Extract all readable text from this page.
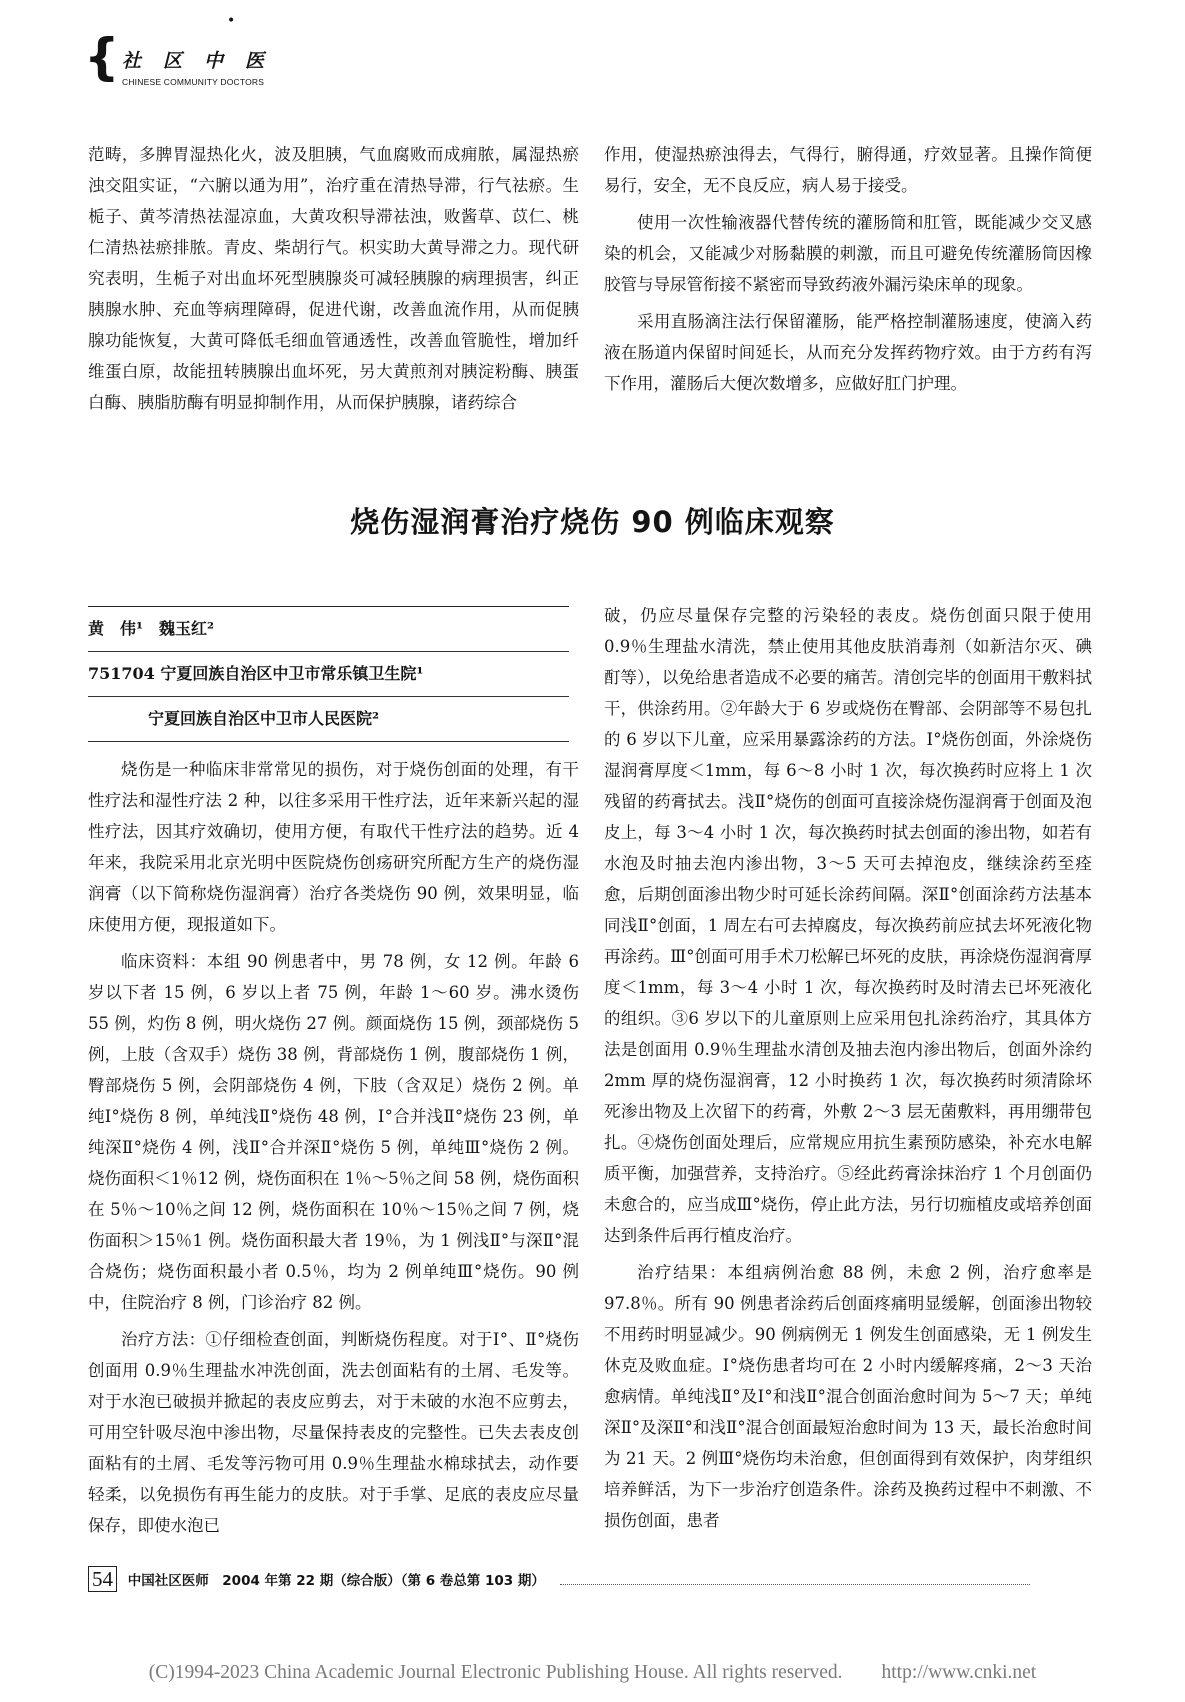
•
{ 社区中医
CHINESE COMMUNITY DOCTORS

范畴，多脾胃湿热化火，波及胆胰，气血腐败而成痈脓，属湿热瘀浊交阻实证，“六腑以通为用”，治疗重在清热导滞，行气祛瘀。生栀子、黄芩清热祛湿凉血，大黄攻积导滞祛浊，败酱草、苡仁、桃仁清热祛瘀排脓。青皮、柴胡行气。枳实助大黄导滞之力。现代研究表明，生栀子对出血坏死型胰腺炎可减轻胰腺的病理损害，纠正胰腺水肿、充血等病理障碍，促进代谢，改善血流作用，从而促胰腺功能恢复，大黄可降低毛细血管通透性，改善血管脆性，增加纤维蛋白原，故能扭转胰腺出血坏死，另大黄煎剂对胰淀粉酶、胰蛋白酶、胰脂肪酶有明显抑制作用，从而保护胰腺，诸药综合

作用，使湿热瘀浊得去，气得行，腑得通，疗效显著。且操作简便易行，安全，无不良反应，病人易于接受。

使用一次性输液器代替传统的灌肠筒和肛管，既能减少交叉感染的机会，又能减少对肠黏膜的刺激，而且可避免传统灌肠筒因橡胶管与导尿管衔接不紧密而导致药液外漏污染床单的现象。

采用直肠滴注法行保留灌肠，能严格控制灌肠速度，使滴入药液在肠道内保留时间延长，从而充分发挥药物疗效。由于方药有泻下作用，灌肠后大便次数增多，应做好肛门护理。

烧伤湿润膏治疗烧伤 90 例临床观察
黄　伟¹　魏玉红²
751704 宁夏回族自治区中卫市常乐镇卫生院¹
宁夏回族自治区中卫市人民医院²

烧伤是一种临床非常常见的损伤，对于烧伤创面的处理，有干性疗法和湿性疗法 2 种，以往多采用干性疗法，近年来新兴起的湿性疗法，因其疗效确切，使用方便，有取代干性疗法的趋势。近 4 年来，我院采用北京光明中医院烧伤创疡研究所配方生产的烧伤湿润膏（以下简称烧伤湿润膏）治疗各类烧伤 90 例，效果明显，临床使用方便，现报道如下。

临床资料：本组 90 例患者中，男 78 例，女 12 例。年龄 6 岁以下者 15 例，6 岁以上者 75 例，年龄 1～60 岁。沸水烫伤 55 例，灼伤 8 例，明火烧伤 27 例。颜面烧伤 15 例，颈部烧伤 5 例，上肢（含双手）烧伤 38 例，背部烧伤 1 例，腹部烧伤 1 例，臀部烧伤 5 例，会阴部烧伤 4 例，下肢（含双足）烧伤 2 例。单纯Ⅰ°烧伤 8 例，单纯浅Ⅱ°烧伤 48 例，Ⅰ°合并浅Ⅱ°烧伤 23 例，单纯深Ⅱ°烧伤 4 例，浅Ⅱ°合并深Ⅱ°烧伤 5 例，单纯Ⅲ°烧伤 2 例。烧伤面积＜1％12 例，烧伤面积在 1％～5％之间 58 例，烧伤面积在 5％～10％之间 12 例，烧伤面积在 10％～15％之间 7 例，烧伤面积＞15％1 例。烧伤面积最大者 19％，为 1 例浅Ⅱ°与深Ⅱ°混合烧伤；烧伤面积最小者 0.5％，均为 2 例单纯Ⅲ°烧伤。90 例中，住院治疗 8 例，门诊治疗 82 例。

治疗方法：①仔细检查创面，判断烧伤程度。对于Ⅰ°、Ⅱ°烧伤创面用 0.9％生理盐水冲洗创面，洗去创面粘有的土屑、毛发等。对于水泡已破损并掀起的表皮应剪去，对于未破的水泡不应剪去，可用空针吸尽泡中渗出物，尽量保持表皮的完整性。已失去表皮创面粘有的土屑、毛发等污物可用 0.9％生理盐水棉球拭去，动作要轻柔，以免损伤有再生能力的皮肤。对于手掌、足底的表皮应尽量保存，即使水泡已

破，仍应尽量保存完整的污染轻的表皮。烧伤创面只限于使用 0.9％生理盐水清洗，禁止使用其他皮肤消毒剂（如新洁尔灭、碘酊等），以免给患者造成不必要的痛苦。清创完毕的创面用干敷料拭干，供涂药用。②年龄大于 6 岁或烧伤在臀部、会阴部等不易包扎的 6 岁以下儿童，应采用暴露涂药的方法。Ⅰ°烧伤创面，外涂烧伤湿润膏厚度＜1mm，每 6～8 小时 1 次，每次换药时应将上 1 次残留的药膏拭去。浅Ⅱ°烧伤的创面可直接涂烧伤湿润膏于创面及泡皮上，每 3～4 小时 1 次，每次换药时拭去创面的渗出物，如若有水泡及时抽去泡内渗出物，3～5 天可去掉泡皮，继续涂药至痊愈，后期创面渗出物少时可延长涂药间隔。深Ⅱ°创面涂药方法基本同浅Ⅱ°创面，1 周左右可去掉腐皮，每次换药前应拭去坏死液化物再涂药。Ⅲ°创面可用手术刀松解已坏死的皮肤，再涂烧伤湿润膏厚度＜1mm，每 3～4 小时 1 次，每次换药时及时清去已坏死液化的组织。③6 岁以下的儿童原则上应采用包扎涂药治疗，其具体方法是创面用 0.9％生理盐水清创及抽去泡内渗出物后，创面外涂约 2mm 厚的烧伤湿润膏，12 小时换药 1 次，每次换药时须清除坏死渗出物及上次留下的药膏，外敷 2～3 层无菌敷料，再用绷带包扎。④烧伤创面处理后，应常规应用抗生素预防感染，补充水电解质平衡，加强营养，支持治疗。⑤经此药膏涂抹治疗 1 个月创面仍未愈合的，应当成Ⅲ°烧伤，停止此方法，另行切痂植皮或培养创面达到条件后再行植皮治疗。

治疗结果：本组病例治愈 88 例，未愈 2 例，治疗愈率是 97.8％。所有 90 例患者涂药后创面疼痛明显缓解，创面渗出物较不用药时明显减少。90 例病例无 1 例发生创面感染，无 1 例发生休克及败血症。Ⅰ°烧伤患者均可在 2 小时内缓解疼痛，2～3 天治愈病情。单纯浅Ⅱ°及Ⅰ°和浅Ⅱ°混合创面治愈时间为 5～7 天；单纯深Ⅱ°及深Ⅱ°和浅Ⅱ°混合创面最短治愈时间为 13 天，最长治愈时间为 21 天。2 例Ⅲ°烧伤均未治愈，但创面得到有效保护，肉芽组织培养鲜活，为下一步治疗创造条件。涂药及换药过程中不刺激、不损伤创面，患者

54 中国社区医师　2004 年第 22 期（综合版）（第 6 卷总第 103 期）
(C)1994-2023 China Academic Journal Electronic Publishing House. All rights reserved.　　http://www.cnki.net
